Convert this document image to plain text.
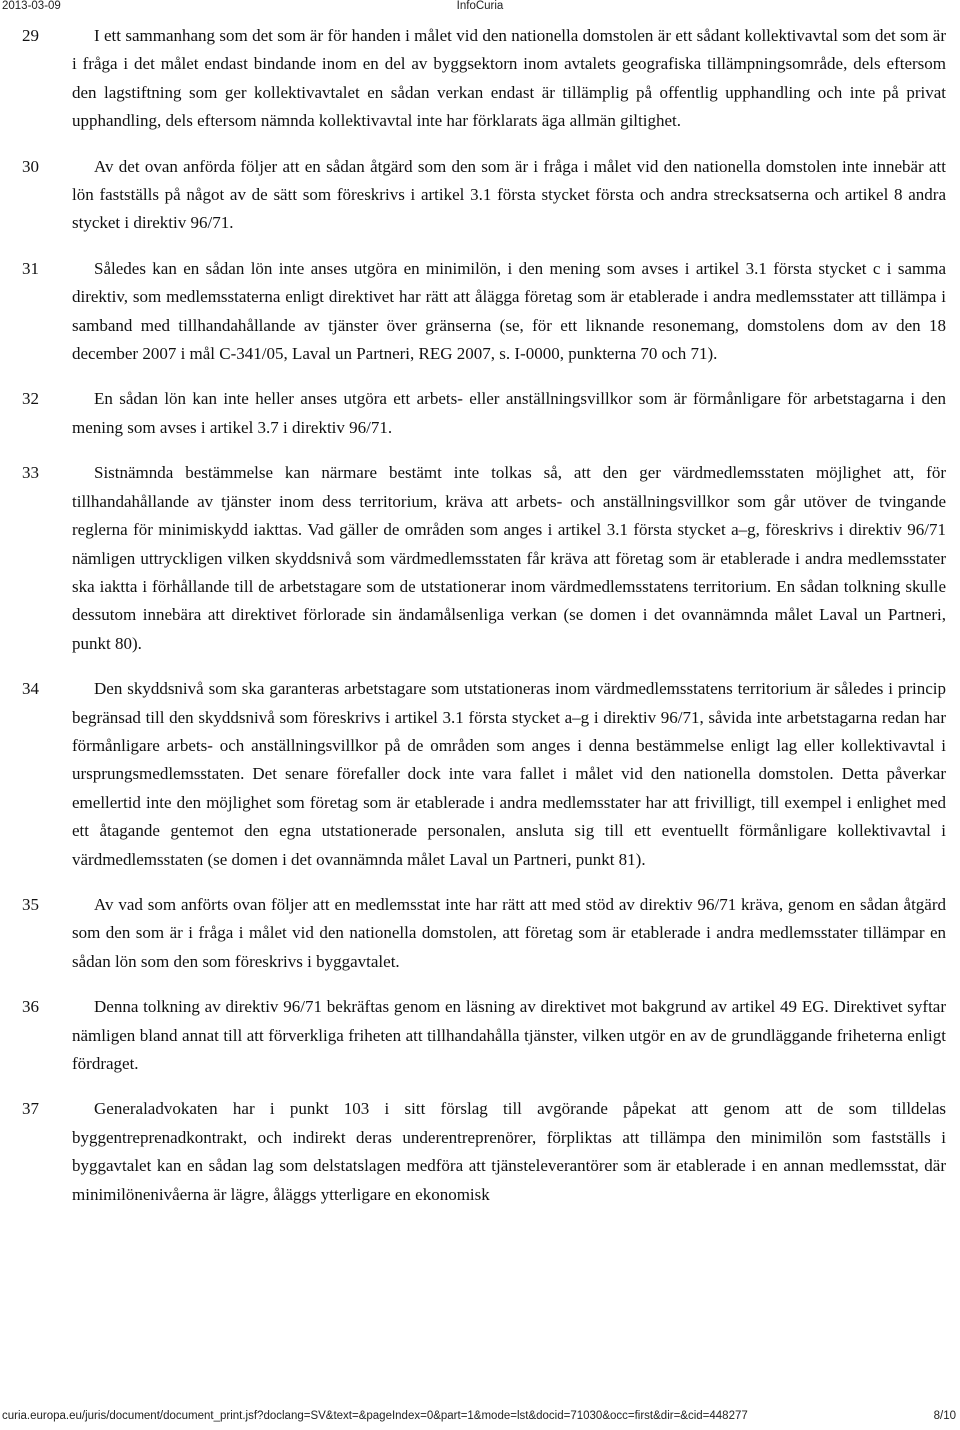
2013-03-09	InfoCuria
29	I ett sammanhang som det som är för handen i målet vid den nationella domstolen är ett sådant kollektivavtal som det som är i fråga i det målet endast bindande inom en del av byggsektorn inom avtalets geografiska tillämpningsområde, dels eftersom den lagstiftning som ger kollektivavtalet en sådan verkan endast är tillämplig på offentlig upphandling och inte på privat upphandling, dels eftersom nämnda kollektivavtal inte har förklarats äga allmän giltighet.
30	Av det ovan anförda följer att en sådan åtgärd som den som är i fråga i målet vid den nationella domstolen inte innebär att lön fastställs på något av de sätt som föreskrivs i artikel 3.1 första stycket första och andra strecksatserna och artikel 8 andra stycket i direktiv 96/71.
31	Således kan en sådan lön inte anses utgöra en minimilön, i den mening som avses i artikel 3.1 första stycket c i samma direktiv, som medlemsstaterna enligt direktivet har rätt att ålägga företag som är etablerade i andra medlemsstater att tillämpa i samband med tillhandahållande av tjänster över gränserna (se, för ett liknande resonemang, domstolens dom av den 18 december 2007 i mål C‑341/05, Laval un Partneri, REG 2007, s. I‑0000, punkterna 70 och 71).
32	En sådan lön kan inte heller anses utgöra ett arbets- eller anställningsvillkor som är förmånligare för arbetstagarna i den mening som avses i artikel 3.7 i direktiv 96/71.
33	Sistnämnda bestämmelse kan närmare bestämt inte tolkas så, att den ger värdmedlemsstaten möjlighet att, för tillhandahållande av tjänster inom dess territorium, kräva att arbets- och anställningsvillkor som går utöver de tvingande reglerna för minimiskydd iakttas. Vad gäller de områden som anges i artikel 3.1 första stycket a–g, föreskrivs i direktiv 96/71 nämligen uttryckligen vilken skyddsnivå som värdmedlemsstaten får kräva att företag som är etablerade i andra medlemsstater ska iaktta i förhållande till de arbetstagare som de utstationerar inom värdmedlemsstatens territorium. En sådan tolkning skulle dessutom innebära att direktivet förlorade sin ändamålsenliga verkan (se domen i det ovannämnda målet Laval un Partneri, punkt 80).
34	Den skyddsnivå som ska garanteras arbetstagare som utstationeras inom värdmedlemsstatens territorium är således i princip begränsad till den skyddsnivå som föreskrivs i artikel 3.1 första stycket a–g i direktiv 96/71, såvida inte arbetstagarna redan har förmånligare arbets- och anställningsvillkor på de områden som anges i denna bestämmelse enligt lag eller kollektivavtal i ursprungsmedlemsstaten. Det senare förefaller dock inte vara fallet i målet vid den nationella domstolen. Detta påverkar emellertid inte den möjlighet som företag som är etablerade i andra medlemsstater har att frivilligt, till exempel i enlighet med ett åtagande gentemot den egna utstationerade personalen, ansluta sig till ett eventuellt förmånligare kollektivavtal i värdmedlemsstaten (se domen i det ovannämnda målet Laval un Partneri, punkt 81).
35	Av vad som anförts ovan följer att en medlemsstat inte har rätt att med stöd av direktiv 96/71 kräva, genom en sådan åtgärd som den som är i fråga i målet vid den nationella domstolen, att företag som är etablerade i andra medlemsstater tillämpar en sådan lön som den som föreskrivs i byggavtalet.
36	Denna tolkning av direktiv 96/71 bekräftas genom en läsning av direktivet mot bakgrund av artikel 49 EG. Direktivet syftar nämligen bland annat till att förverkliga friheten att tillhandahålla tjänster, vilken utgör en av de grundläggande friheterna enligt fördraget.
37	Generaladvokaten har i punkt 103 i sitt förslag till avgörande påpekat att genom att de som tilldelas byggentreprenadkontrakt, och indirekt deras underentreprenörer, förpliktas att tillämpa den minimilön som fastställs i byggavtalet kan en sådan lag som delstatslagen medföra att tjänsteleverantörer som är etablerade i en annan medlemsstat, där minimilönenivåerna är lägre, åläggs ytterligare en ekonomisk
curia.europa.eu/juris/document/document_print.jsf?doclang=SV&text=&pageIndex=0&part=1&mode=lst&docid=71030&occ=first&dir=&cid=448277	8/10
